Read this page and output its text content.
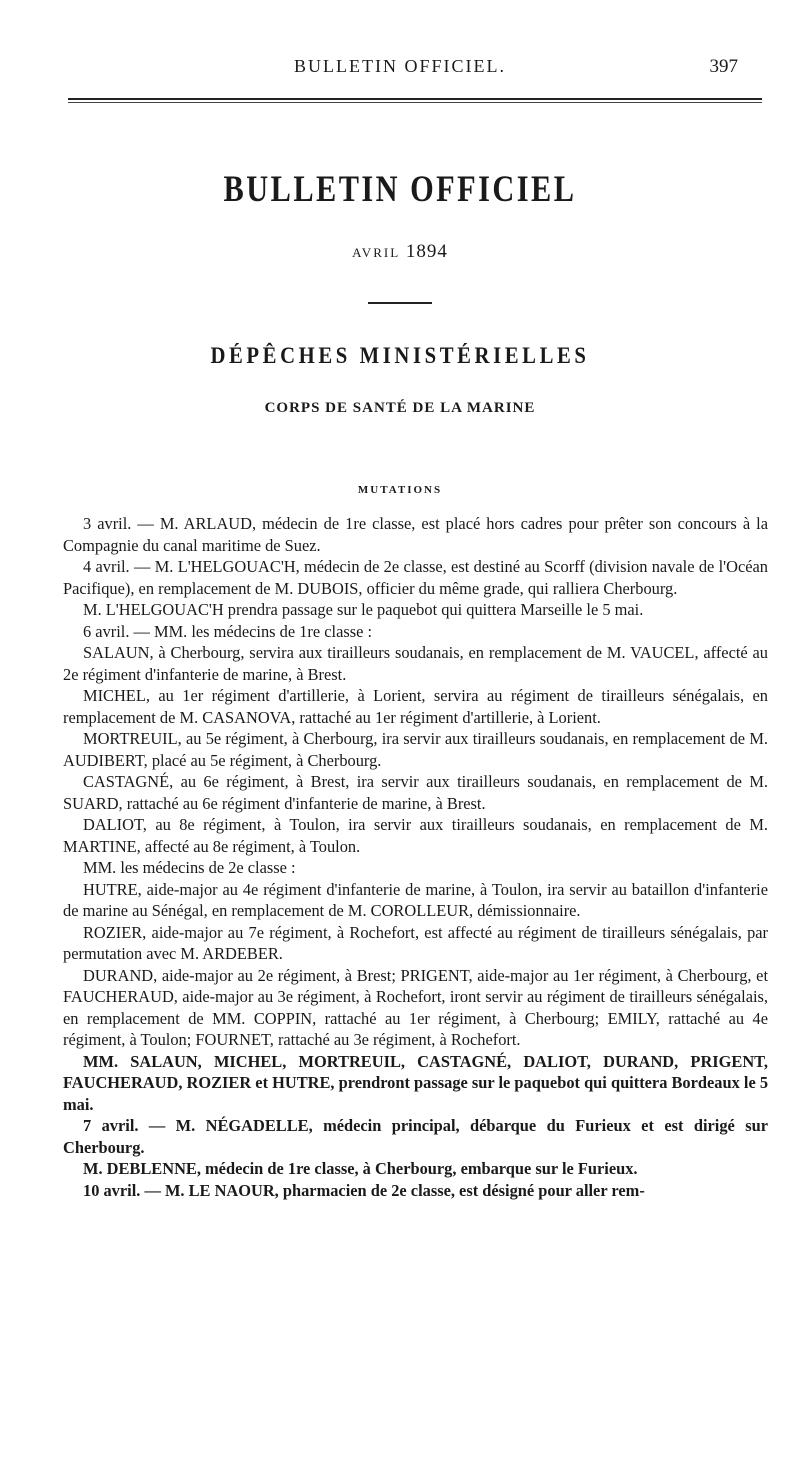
BULLETIN OFFICIEL.	397
BULLETIN OFFICIEL
AVRIL 1894
DÉPÊCHES MINISTÉRIELLES
CORPS DE SANTÉ DE LA MARINE
MUTATIONS

3 avril. — M. ARLAUD, médecin de 1re classe, est placé hors cadres pour prêter son concours à la Compagnie du canal maritime de Suez.

4 avril. — M. L'HELGOUAC'H, médecin de 2e classe, est destiné au Scorff (division navale de l'Océan Pacifique), en remplacement de M. DUBOIS, officier du même grade, qui ralliera Cherbourg.

M. L'HELGOUAC'H prendra passage sur le paquebot qui quittera Marseille le 5 mai.

6 avril. — MM. les médecins de 1re classe :

SALAUN, à Cherbourg, servira aux tirailleurs soudanais, en remplacement de M. VAUCEL, affecté au 2e régiment d'infanterie de marine, à Brest.

MICHEL, au 1er régiment d'artillerie, à Lorient, servira au régiment de tirailleurs sénégalais, en remplacement de M. CASANOVA, rattaché au 1er régiment d'artillerie, à Lorient.

MORTREUIL, au 5e régiment, à Cherbourg, ira servir aux tirailleurs soudanais, en remplacement de M. AUDIBERT, placé au 5e régiment, à Cherbourg.

CASTAGNÉ, au 6e régiment, à Brest, ira servir aux tirailleurs soudanais, en remplacement de M. SUARD, rattaché au 6e régiment d'infanterie de marine, à Brest.

DALIOT, au 8e régiment, à Toulon, ira servir aux tirailleurs soudanais, en remplacement de M. MARTINE, affecté au 8e régiment, à Toulon.

MM. les médecins de 2e classe :

HUTRE, aide-major au 4e régiment d'infanterie de marine, à Toulon, ira servir au bataillon d'infanterie de marine au Sénégal, en remplacement de M. COROLLEUR, démissionnaire.

ROZIER, aide-major au 7e régiment, à Rochefort, est affecté au régiment de tirailleurs sénégalais, par permutation avec M. ARDEBER.

DURAND, aide-major au 2e régiment, à Brest; PRIGENT, aide-major au 1er régiment, à Cherbourg, et FAUCHERAUD, aide-major au 3e régiment, à Rochefort, iront servir au régiment de tirailleurs sénégalais, en remplacement de MM. COPPIN, rattaché au 1er régiment, à Cherbourg; EMILY, rattaché au 4e régiment, à Toulon; FOURNET, rattaché au 3e régiment, à Rochefort.

MM. SALAUN, MICHEL, MORTREUIL, CASTAGNÉ, DALIOT, DURAND, PRIGENT, FAUCHERAUD, ROZIER et HUTRE, prendront passage sur le paquebot qui quittera Bordeaux le 5 mai.

7 avril. — M. NÉGADELLE, médecin principal, débarque du Furieux et est dirigé sur Cherbourg.

M. DEBLENNE, médecin de 1re classe, à Cherbourg, embarque sur le Furieux.

10 avril. — M. LE NAOUR, pharmacien de 2e classe, est désigné pour aller rem-
